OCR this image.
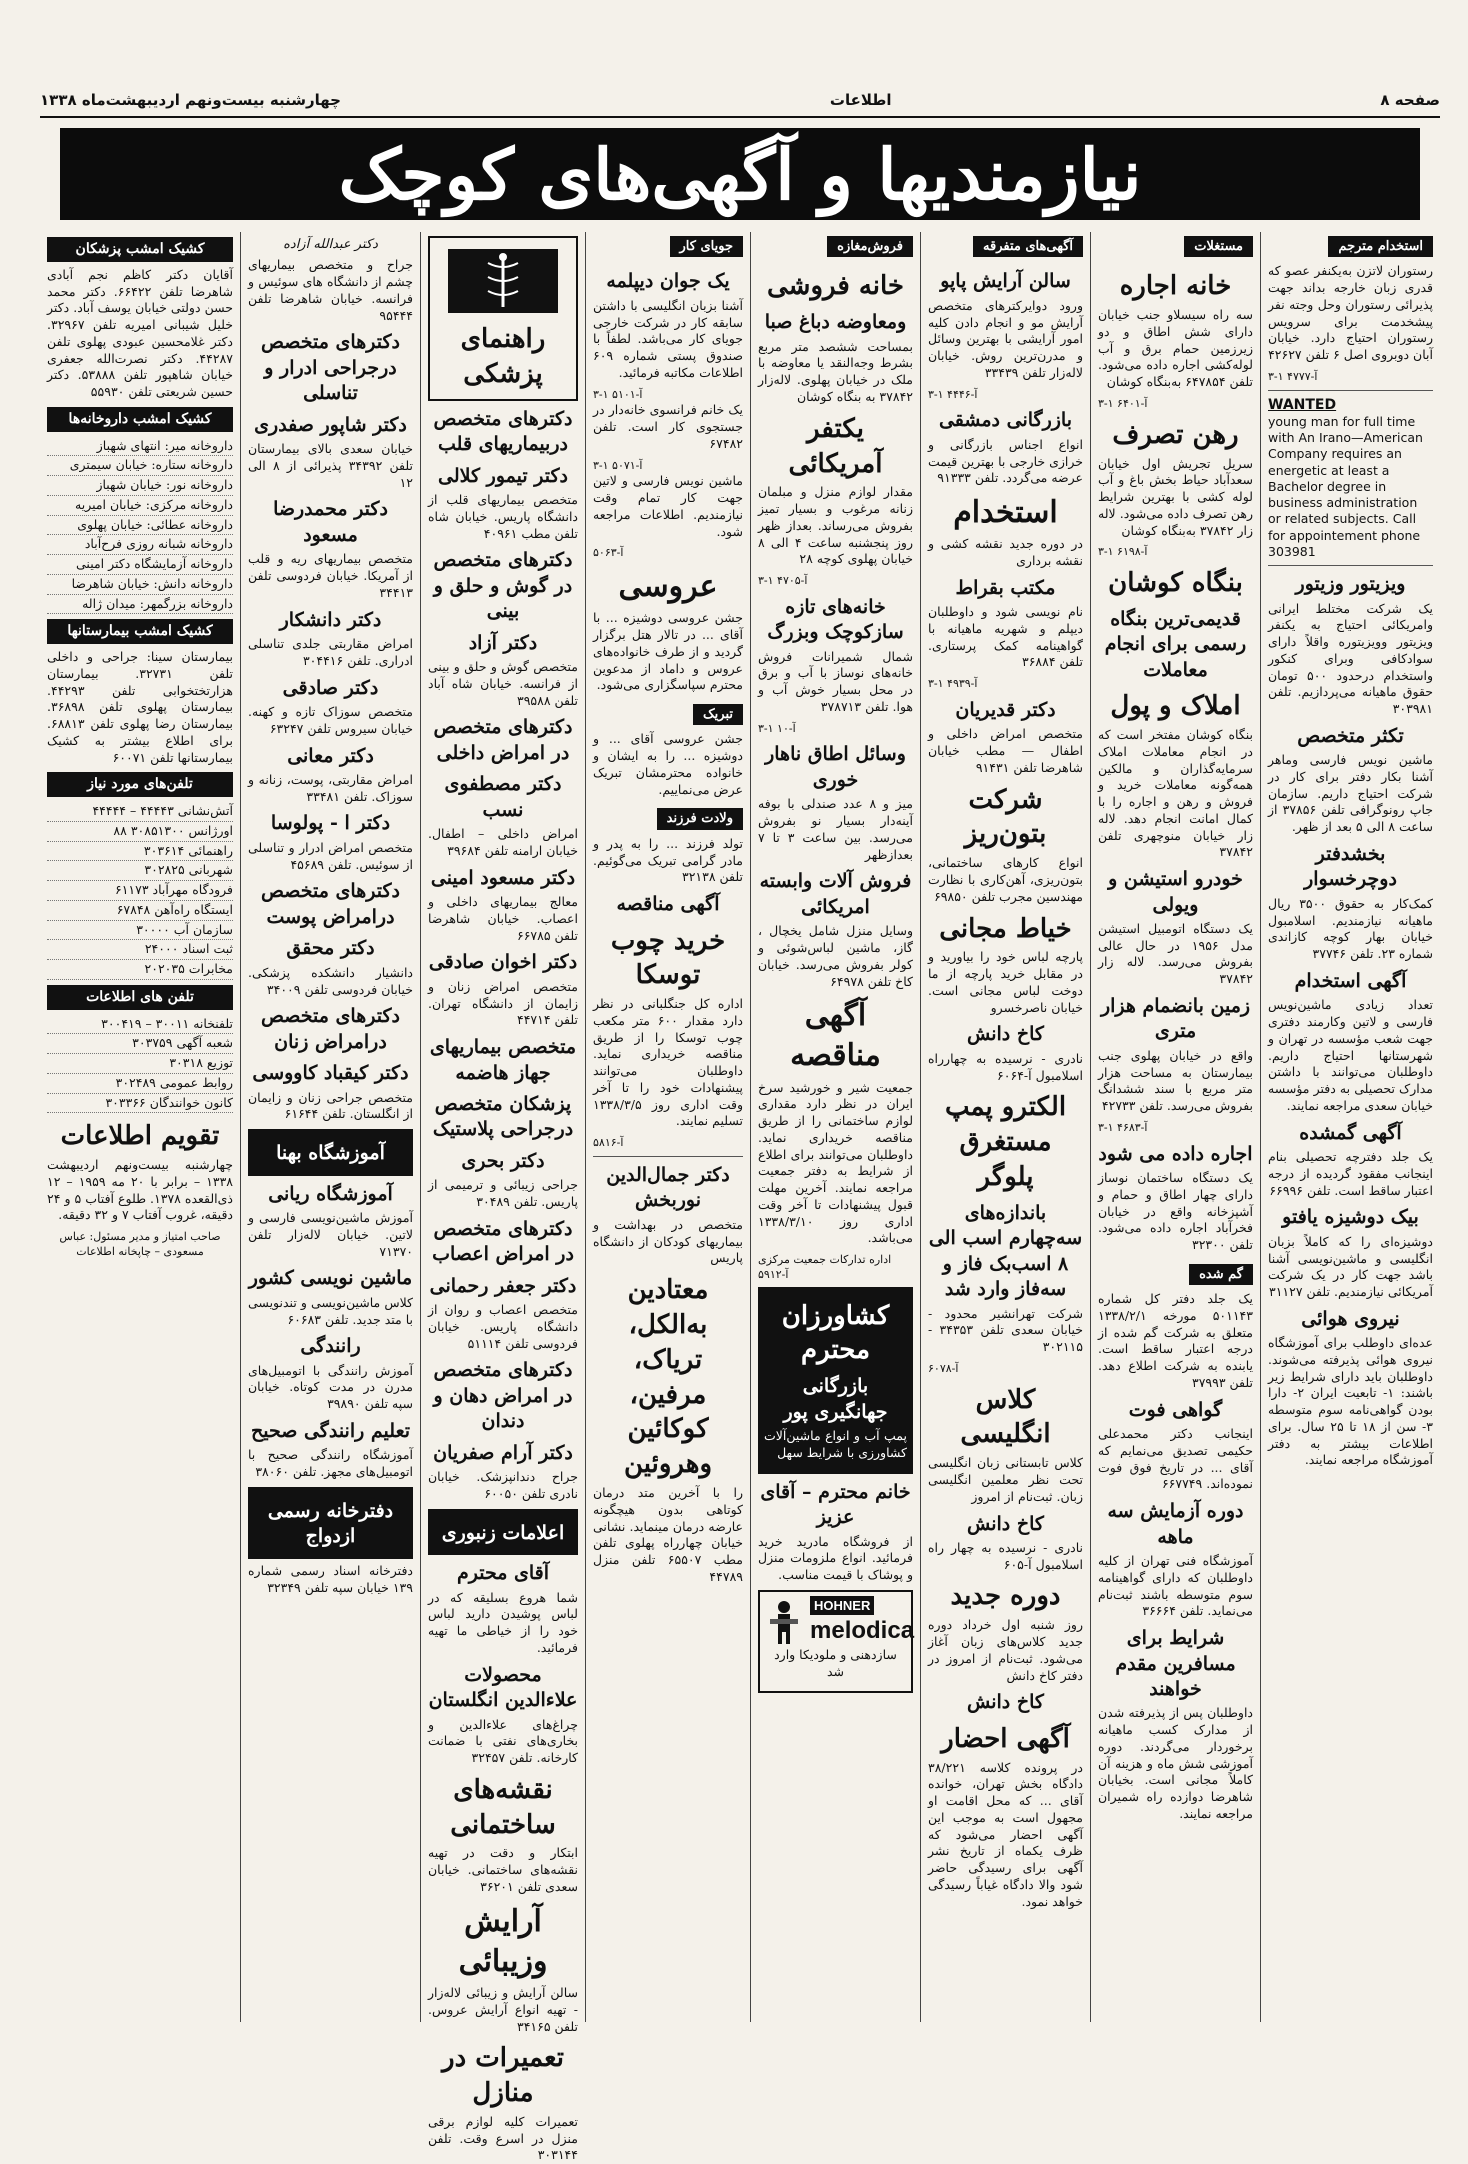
صفحه ۸
اطلاعات
چهارشنبه بیست‌ونهم اردیبهشت‌ماه ۱۳۳۸
نیازمندیها و آگهی‌های کوچک
استخدام مترجم
رستوران لاتزن به‌یکنفر عصو که قدری زبان خارجه بداند جهت پذیرائی رستوران وحل وجته نفر پیشخدمت برای سرویس رستوران احتیاج دارد. خیابان آبان دوبروی اصل ۶ تلفن ۴۲۶۲۷
۳-۱ آ-۴۷۷۷
WANTED
young man for full time with An Irano—American Company requires an energetic at least a Bachelor degree in business administration or related subjects. Call for appointement phone 303981
ویزیتور وزیتور
یک شرکت مختلط ایرانی وامریکائی احتیاج به یکنفر ویزیتور وویزیتوره واقلاً دارای سوادکافی وبرای کنکور واستخدام درحدود ۵۰۰ تومان حقوق ماهیانه می‌پردازیم. تلفن ۳۰۳۹۸۱
تکثر متخصص
ماشین نویس فارسی وماهر آشنا بکار دفتر برای کار در شرکت احتیاج داریم. سازمان جاپ رونوگرافی تلفن ۳۷۸۵۶ از ساعت ۸ الی ۵ بعد از ظهر.
بخشدفتر دوچرخسوار
کمک‌کار به حقوق ۳۵۰۰ ریال ماهیانه نیازمندیم. اسلامبول خیابان بهار کوچه کازاندی شماره ۲۳. تلفن ۳۷۷۴۶
آگهی استخدام
تعداد زیادی ماشین‌نویس فارسی و لاتین وکارمند دفتری جهت شعب مؤسسه در تهران و شهرستانها احتیاج داریم. داوطلبان می‌توانند با داشتن مدارک تحصیلی به دفتر مؤسسه خیابان سعدی مراجعه نمایند.
آگهی گمشده
یک جلد دفترچه تحصیلی بنام اینجانب مفقود گردیده از درجه اعتبار ساقط است. تلفن ۶۶۹۹۶
بیک دوشیزه یافتو
دوشیزه‌ای را که کاملاً بزبان انگلیسی و ماشین‌نویسی آشنا باشد جهت کار در یک شرکت آمریکائی نیازمندیم. تلفن ۳۱۱۲۷
نیروی هوائی
عده‌ای داوطلب برای آموزشگاه نیروی هوائی پذیرفته می‌شوند. داوطلبان باید دارای شرایط زیر باشند: ۱- تابعیت ایران ۲- دارا بودن گواهی‌نامه سوم متوسطه ۳- سن از ۱۸ تا ۲۵ سال. برای اطلاعات بیشتر به دفتر آموزشگاه مراجعه نمایند.
مستغلات
خانه اجاره
سه راه سیسلاو جنب خیابان دارای شش اطاق و دو زیرزمین حمام برق و آب لوله‌کشی اجاره داده می‌شود. تلفن ۶۴۷۸۵۴ به‌بنگاه کوشان
۳-۱ آ-۶۴۰۱
رهن تصرف
سریل تجریش اول خیابان سعدآباد حیاط بخش باغ و آب لوله کشی با بهترین شرایط رهن تصرف داده می‌شود. لاله زار ۳۷۸۴۲ به‌بنگاه کوشان
۳-۱ آ-۶۱۹۸
بنگاه کوشان
قدیمی‌ترین بنگاه رسمی برای انجام معاملات
املاک و پول
بنگاه کوشان مفتخر است که در انجام معاملات املاک سرمایه‌گذاران و مالکین همه‌گونه معاملات خرید و فروش و رهن و اجاره را با کمال امانت انجام دهد. لاله زار خیابان منوچهری تلفن ۳۷۸۴۲
خودرو استیشن و ویولی
یک دستگاه اتومبیل استیشن مدل ۱۹۵۶ در حال عالی بفروش می‌رسد. لاله زار ۳۷۸۴۲
زمین بانضمام هزار متری
واقع در خیابان پهلوی جنب بیمارستان به مساحت هزار متر مربع با سند ششدانگ بفروش می‌رسد. تلفن ۴۲۷۳۳
۳-۱ آ-۴۶۸۳
اجاره داده می شود
یک دستگاه ساختمان نوساز دارای چهار اطاق و حمام و آشپزخانه واقع در خیابان فخرآباد اجاره داده می‌شود. تلفن ۳۲۳۰۰
گم شده
یک جلد دفتر کل شماره ۵۰۱۱۴۳ مورخه ۱۳۳۸/۲/۱ متعلق به شرکت گم شده از درجه اعتبار ساقط است. یابنده به شرکت اطلاع دهد. تلفن ۳۷۹۹۳
گواهی فوت
اینجانب دکتر محمدعلی حکیمی تصدیق می‌نمایم که آقای ... در تاریخ فوق فوت نموده‌اند. ۶۶۷۷۴۹
دوره آزمایش سه ماهه
آموزشگاه فنی تهران از کلیه داوطلبان که دارای گواهینامه سوم متوسطه باشند ثبت‌نام می‌نماید. تلفن ۳۶۶۶۴
شرایط برای مسافرین مقدم خواهند
داوطلبان پس از پذیرفته شدن از مدارک کسب ماهیانه برخوردار می‌گردند. دوره آموزشی شش ماه و هزینه آن کاملاً مجانی است. بخیابان شاهرضا دوازده راه شمیران مراجعه نمایند.
آگهی‌های متفرقه
سالن آرایش پاپو
ورود دوایرکترهای متخصص آرایش مو و انجام دادن کلیه امور آرایشی با بهترین وسائل و مدرن‌ترین روش. خیابان لاله‌زار تلفن ۳۳۴۳۹
۳-۱ آ-۴۴۴۶
بازرگانی دمشقی
انواع اجناس بازرگانی و خرازی خارجی با بهترین قیمت عرضه می‌گردد. تلفن ۹۱۳۳۳
استخدام
در دوره جدید نقشه کشی و نقشه برداری
مکتب بقراط
نام نویسی شود و داوطلبان دیپلم و شهریه ماهیانه با گواهینامه کمک پرستاری. تلفن ۳۶۸۸۴
۳-۱ آ-۴۹۳۹
دکتر قدیریان
متخصص امراض داخلی و اطفال — مطب خیابان شاهرضا تلفن ۹۱۴۳۱
شرکت بتون‌ریز
انواع کارهای ساختمانی، بتون‌ریزی، آهن‌کاری با نظارت مهندسین مجرب تلفن ۶۹۸۵۰
خیاط مجانی
پارچه لباس خود را بیاورید و در مقابل خرید پارچه از ما دوخت لباس مجانی است. خیابان ناصرخسرو
کاخ دانش
نادری - نرسیده به چهارراه اسلامبول آ-۶۰۶۴
الکترو پمپ مستغرق پلوگر
باندازه‌های سه‌چهارم اسب الی ۸ اسب‌بک فاز و سه‌فاز وارد شد
شرکت تهرانشیر محدود - خیابان سعدی تلفن ۳۴۳۵۳ - ۳۰۲۱۱۵
آ-۶۰۷۸
کلاس انگلیسی
کلاس تابستانی زبان انگلیسی تحت نظر معلمین انگلیسی زبان. ثبت‌نام از امروز
کاخ دانش
نادری - نرسیده به چهار راه اسلامبول آ-۶۰۵
دوره جدید
روز شنبه اول خرداد دوره جدید کلاس‌های زبان آغاز می‌شود. ثبت‌نام از امروز در دفتر کاخ دانش
کاخ دانش
آگهی احضار
در پرونده کلاسه ۳۸/۲۲۱ دادگاه بخش تهران، خوانده آقای ... که محل اقامت او مجهول است به موجب این آگهی احضار می‌شود که ظرف یکماه از تاریخ نشر آگهی برای رسیدگی حاضر شود والا دادگاه غیاباً رسیدگی خواهد نمود.
فروش‌مغازه
خانه فروشی
ومعاوضه دباغ صبا
بمساحت ششصد متر مربع بشرط وجه‌النقد یا معاوضه با ملک در خیابان پهلوی. لاله‌زار ۳۷۸۴۲ به بنگاه کوشان
یکتفر آمریکائی
مقدار لوازم منزل و مبلمان زنانه مرغوب و بسیار تمیز بفروش می‌رساند. بعداز ظهر روز پنجشنبه ساعت ۴ الی ۸ خیابان پهلوی کوچه ۲۸
۳-۱ آ-۴۷۰۵
خانه‌های تازه سازکوچک وبزرگ
شمال شمیرانات فروش خانه‌های نوساز با آب و برق در محل بسیار خوش آب و هوا. تلفن ۳۷۸۷۱۳
۳-۱ آ-۱۰
وسائل اطاق ناهار خوری
میز و ۸ عدد صندلی با بوفه آینه‌دار بسیار نو بفروش می‌رسد. بین ساعت ۳ تا ۷ بعدازظهر
فروش آلات وابسته امریکائی
وسایل منزل شامل یخچال ، گاز، ماشین لباس‌شوئی و کولر بفروش می‌رسد. خیابان کاخ تلفن ۶۴۹۷۸
آگهی مناقصه
جمعیت شیر و خورشید سرخ ایران در نظر دارد مقداری لوازم ساختمانی را از طریق مناقصه خریداری نماید. داوطلبان می‌توانند برای اطلاع از شرایط به دفتر جمعیت مراجعه نمایند. آخرین مهلت قبول پیشنهادات تا آخر وقت اداری روز ۱۳۳۸/۳/۱۰ می‌باشد.
اداره تدارکات جمعیت مرکزی آ-۵۹۱۲
کشاورزان محترم
بازرگانی جهانگیری پور
پمپ آب و انواع ماشین‌آلات کشاورزی با شرایط سهل
خانم محترم – آقای عزیز
از فروشگاه مادرید خرید فرمائید. انواع ملزومات منزل و پوشاک با قیمت مناسب.
HOHNER
melodica
سازدهنی و ملودیکا وارد شد
جویای کار
یک جوان دیپلمه
آشنا بزبان انگلیسی با داشتن سابقه کار در شرکت خارجی جویای کار می‌باشد. لطفاً با صندوق پستی شماره ۶۰۹ اطلاعات مکاتبه فرمائید.
۳-۱ آ-۵۱۰۱
یک خانم فرانسوی خانه‌دار در جستجوی کار است. تلفن ۶۷۴۸۲
۳-۱ آ-۵۰۷۱
ماشین نویس فارسی و لاتین جهت کار تمام وقت نیازمندیم. اطلاعات مراجعه شود.
آ-۵۰۶۳
عروسی
جشن عروسی دوشیزه ... با آقای ... در تالار هتل برگزار گردید و از طرف خانواده‌های عروس و داماد از مدعوین محترم سپاسگزاری می‌شود.
تبریک
جشن عروسی آقای ... و دوشیزه ... را به ایشان و خانواده محترمشان تبریک عرض می‌نماییم.
ولادت فرزند
تولد فرزند ... را به پدر و مادر گرامی تبریک می‌گوئیم. تلفن ۳۲۱۳۸
آگهی مناقصه
خرید چوب توسکا
اداره کل جنگلبانی در نظر دارد مقدار ۶۰۰ متر مکعب چوب توسکا را از طریق مناقصه خریداری نماید. داوطلبان می‌توانند پیشنهادات خود را تا آخر وقت اداری روز ۱۳۳۸/۳/۵ تسلیم نمایند.
آ-۵۸۱۶
دکتر جمال‌الدین نوربخش
متخصص در بهداشت و بیماریهای کودکان از دانشگاه پاریس
معتادین به‌الکل، تریاک، مرفین، کوکائین وهروئین
را با آخرین متد درمان کوتاهی بدون هیچگونه عارضه درمان مینماید. نشانی خیابان چهارراه پهلوی تلفن مطب ۶۵۵۰۷ تلفن منزل ۴۴۷۸۹
راهنمای پزشکی
دکترهای متخصص دربیماریهای قلب
دکتر تیمور کلالی
متخصص بیماریهای قلب از دانشگاه پاریس. خیابان شاه تلفن مطب ۴۰۹۶۱
دکترهای متخصص در گوش و حلق و بینی
دکتر آزاد
متخصص گوش و حلق و بینی از فرانسه. خیابان شاه آباد تلفن ۳۹۵۸۸
دکترهای متخصص در امراض داخلی
دکتر مصطفوی نسب
امراض داخلی – اطفال. خیابان ارامنه تلفن ۳۹۶۸۴
دکتر مسعود امینی
معالج بیماریهای داخلی و اعصاب. خیابان شاهرضا تلفن ۶۶۷۸۵
دکتر اخوان صادقی
متخصص امراض زنان و زایمان از دانشگاه تهران. تلفن ۴۴۷۱۴
متخصص بیماریهای جهاز هاضمه
پزشکان متخصص درجراحی پلاستیک
دکتر بحری
جراحی زیبائی و ترمیمی از پاریس. تلفن ۳۰۴۸۹
دکترهای متخصص در امراض اعصاب
دکتر جعفر رحمانی
متخصص اعصاب و روان از دانشگاه پاریس. خیابان فردوسی تلفن ۵۱۱۱۴
دکترهای متخصص در امراض دهان و دندان
دکتر آرام صفریان
جراح دندانپزشک. خیابان نادری تلفن ۶۰۰۵۰
اعلامات زنبوری
آقای محترم
شما هروع بسلیقه که در لباس پوشیدن دارید لباس خود را از خیاطی ما تهیه فرمائید.
محصولات علاءالدین انگلستان
چراغ‌های علاءالدین و بخاری‌های نفتی با ضمانت کارخانه. تلفن ۳۲۴۵۷
نقشه‌های ساختمانی
ابتکار و دقت در تهیه نقشه‌های ساختمانی. خیابان سعدی تلفن ۳۶۲۰۱
آرایش وزیبائی
سالن آرایش و زیبائی لاله‌زار - تهیه انواع آرایش عروس. تلفن ۳۴۱۶۵
تعمیرات در منازل
تعمیرات کلیه لوازم برقی منزل در اسرع وقت. تلفن ۳۰۳۱۴۴
دکتر عبدالله آزاده
جراح و متخصص بیماریهای چشم از دانشگاه های سوئیس و فرانسه. خیابان شاهرضا تلفن ۹۵۴۴۴
دکترهای متخصص درجراحی ادرار و تناسلی
دکتر شاپور صفدری
خیابان سعدی بالای بیمارستان تلفن ۳۴۳۹۲ پذیرائی از ۸ الی ۱۲
دکتر محمدرضا مسعود
متخصص بیماریهای ریه و قلب از آمریکا. خیابان فردوسی تلفن ۳۴۴۱۳
دکتر دانشکار
امراض مقاربتی جلدی تناسلی ادراری. تلفن ۳۰۴۴۱۶
دکتر صادقی
متخصص سوزاک تازه و کهنه. خیابان سیروس تلفن ۶۳۲۴۷
دکتر معانی
امراض مقاربتی، پوست، زنانه و سوزاک. تلفن ۳۳۴۸۱
دکتر ا - پولوسا
متخصص امراض ادرار و تناسلی از سوئیس. تلفن ۴۵۶۸۹
دکترهای متخصص درامراض پوست
دکتر محقق
دانشیار دانشکده پزشکی. خیابان فردوسی تلفن ۳۴۰۰۹
دکترهای متخصص درامراض زنان
دکتر کیقباد کاووسی
متخصص جراحی زنان و زایمان از انگلستان. تلفن ۶۱۶۴۴
آموزشگاه بهنا
آموزشگاه ریانی
آموزش ماشین‌نویسی فارسی و لاتین. خیابان لاله‌زار تلفن ۷۱۳۷۰
ماشین نویسی کشور
کلاس ماشین‌نویسی و تندنویسی با متد جدید. تلفن ۶۰۶۸۳
رانندگی
آموزش رانندگی با اتومبیل‌های مدرن در مدت کوتاه. خیابان سپه تلفن ۳۹۸۹۰
تعلیم رانندگی صحیح
آموزشگاه رانندگی صحیح با اتومبیل‌های مجهز. تلفن ۳۸۰۶۰
دفترخانه رسمی ازدواج
دفترخانه اسناد رسمی شماره ۱۳۹ خیابان سپه تلفن ۳۲۳۴۹
کشیک امشب پزشکان
آقایان دکتر کاظم نجم آبادی شاهرضا تلفن ۶۶۴۲۲. دکتر محمد حسن دولتی خیابان یوسف آباد. دکتر خلیل شیبانی امیریه تلفن ۳۲۹۶۷. دکتر غلامحسین عبودی پهلوی تلفن ۴۴۲۸۷. دکتر نصرت‌الله جعفری خیابان شاهپور تلفن ۵۳۸۸۸. دکتر حسین شریعتی تلفن ۵۵۹۳۰
کشیک امشب داروخانه‌ها
داروخانه میر: انتهای شهباز
داروخانه ستاره: خیابان سیمتری
داروخانه نور: خیابان شهباز
داروخانه مرکزی: خیابان امیریه
داروخانه عطائی: خیابان پهلوی
داروخانه شبانه روزی فرح‌آباد
داروخانه آزمایشگاه دکتر امینی
داروخانه دانش: خیابان شاهرضا
داروخانه بزرگمهر: میدان ژاله
کشیک امشب بیمارستانها
بیمارستان سینا: جراحی و داخلی تلفن ۳۲۷۳۱. بیمارستان هزارتختخوابی تلفن ۴۴۲۹۳. بیمارستان پهلوی تلفن ۳۶۸۹۸. بیمارستان رضا پهلوی تلفن ۶۸۸۱۳. برای اطلاع بیشتر به کشیک بیمارستانها تلفن ۶۰۰۷۱
تلفن‌های مورد نیاز
آتش‌نشانی ۴۴۴۴۳ – ۴۴۴۴۴
اورژانس ۳۰۸۵۱۳۰۰ ۸۸
راهنمائی ۳۰۳۶۱۴
شهربانی ۳۰۲۸۲۵
فرودگاه مهرآباد ۶۱۱۷۳
ایستگاه راه‌آهن ۶۷۸۴۸
سازمان آب ۳۰۰۰۰
ثبت اسناد ۲۴۰۰۰
مخابرات ۲۰۲۰۳۵
تلفن های اطلاعات
تلفنخانه ۳۰۰۱۱ – ۳۰۰۴۱۹
شعبه آگهی ۳۰۳۷۵۹
توزیع ۳۰۳۱۸
روابط عمومی ۳۰۲۴۸۹
کانون خوانندگان ۳۰۳۳۶۶
تقویم اطلاعات
چهارشنبه بیست‌ونهم اردیبهشت ۱۳۳۸ – برابر با ۲۰ مه ۱۹۵۹ – ۱۲ ذی‌القعده ۱۳۷۸. طلوع آفتاب ۵ و ۲۴ دقیقه، غروب آفتاب ۷ و ۳۲ دقیقه.
صاحب امتیاز و مدیر مسئول: عباس مسعودی – چاپخانه اطلاعات
